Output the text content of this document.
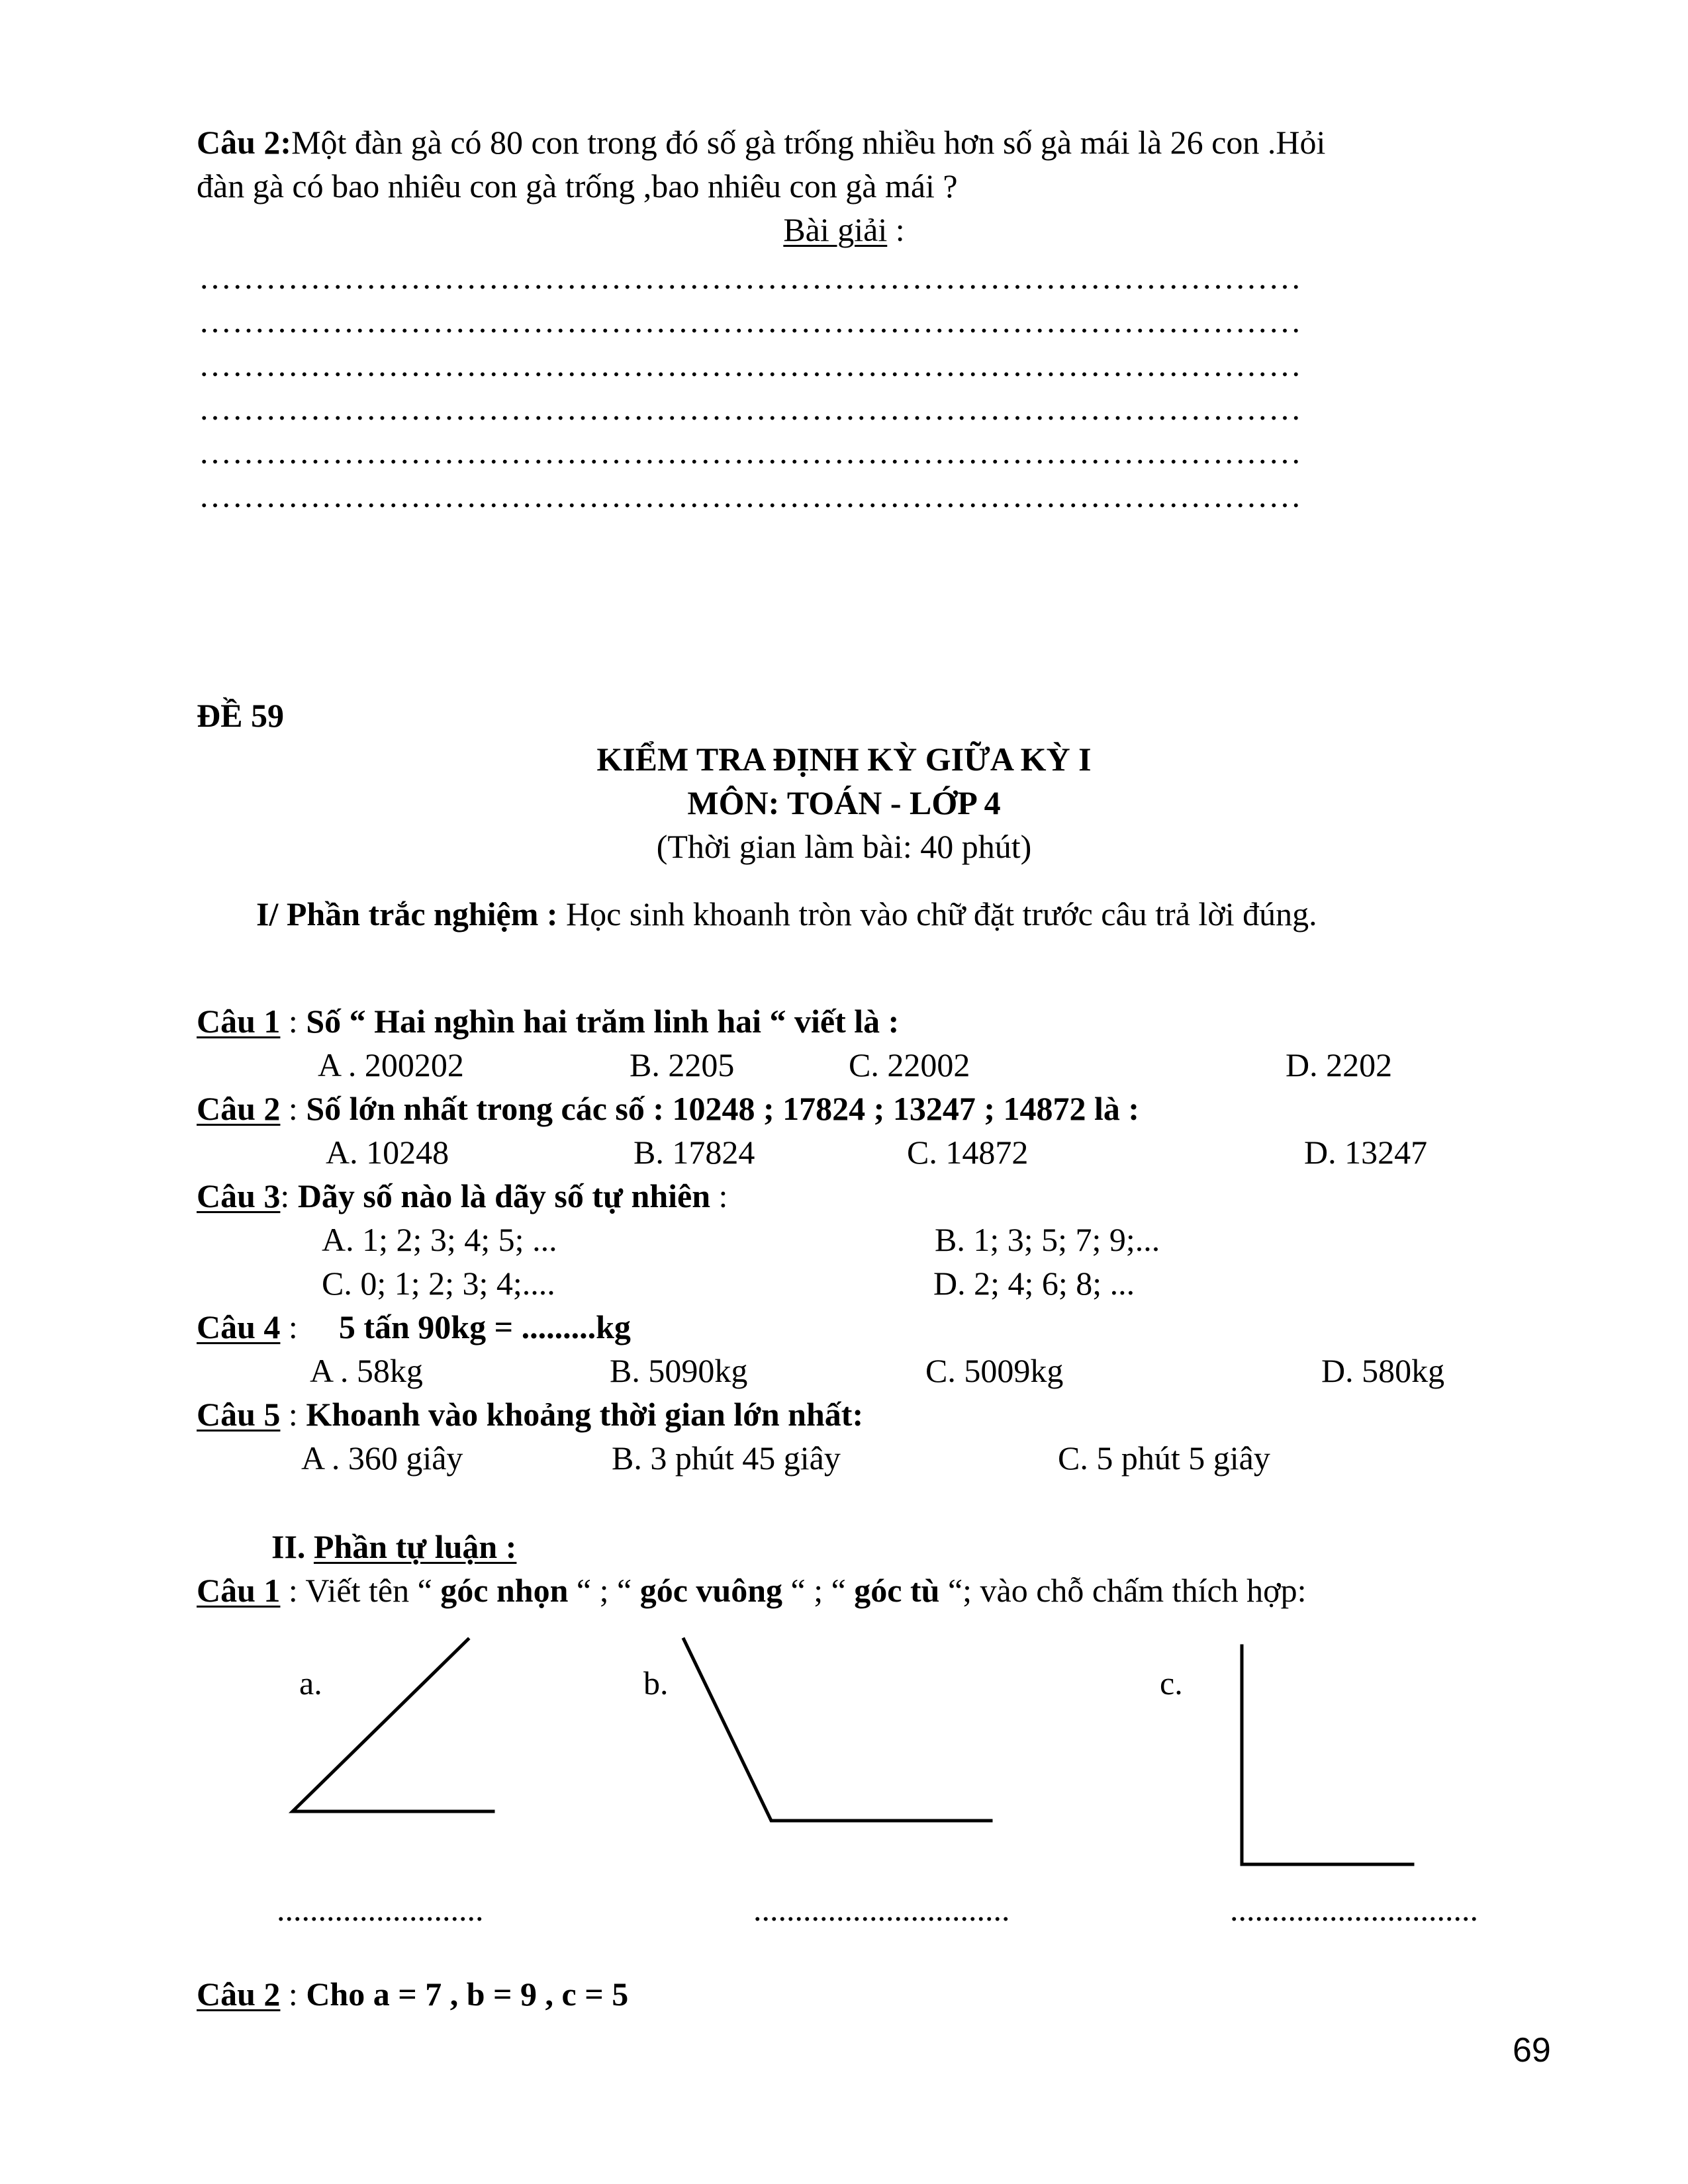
Câu 2:Một đàn gà có 80 con trong đó số gà trống nhiều hơn số gà mái là 26 con .Hỏi
đàn gà có bao nhiêu con gà trống ,bao nhiêu con gà mái ?
Bài giải :
………………………………………………………………………………………
………………………………………………………………………………………
………………………………………………………………………………………
………………………………………………………………………………………
………………………………………………………………………………………
………………………………………………………………………………………
ĐỀ 59
KIỂM TRA ĐỊNH KỲ GIỮA KỲ I
MÔN: TOÁN - LỚP 4
(Thời gian làm bài: 40 phút)
I/ Phần trắc nghiệm : Học sinh khoanh tròn vào chữ đặt trước câu trả lời đúng.
Câu 1 : Số “ Hai nghìn hai trăm linh hai “ viết là :
A . 200202	B. 2205	C. 22002	D. 2202
Câu 2 : Số lớn nhất trong các số : 10248 ; 17824 ; 13247 ; 14872 là :
A. 10248	B. 17824	C. 14872	D. 13247
Câu 3: Dãy số nào là dãy số tự nhiên :
A. 1; 2; 3; 4; 5; ...	B. 1; 3; 5; 7; 9;...
C. 0; 1; 2; 3; 4;....	D. 2; 4; 6; 8; ...
Câu 4 : 5 tấn 90kg = .........kg
A . 58kg	B. 5090kg	C. 5009kg	D. 580kg
Câu 5 : Khoanh vào khoảng thời gian lớn nhất:
A . 360 giây	B. 3 phút 45 giây	C. 5 phút 5 giây
II. Phần tự luận :
Câu 1 : Viết tên “ góc nhọn “ ; “ góc vuông “ ; “ góc tù “; vào chỗ chấm thích hợp:
a.	b.	c.
.........................	...............................	..............................
Câu 2 : Cho a = 7 , b = 9 , c = 5
69
